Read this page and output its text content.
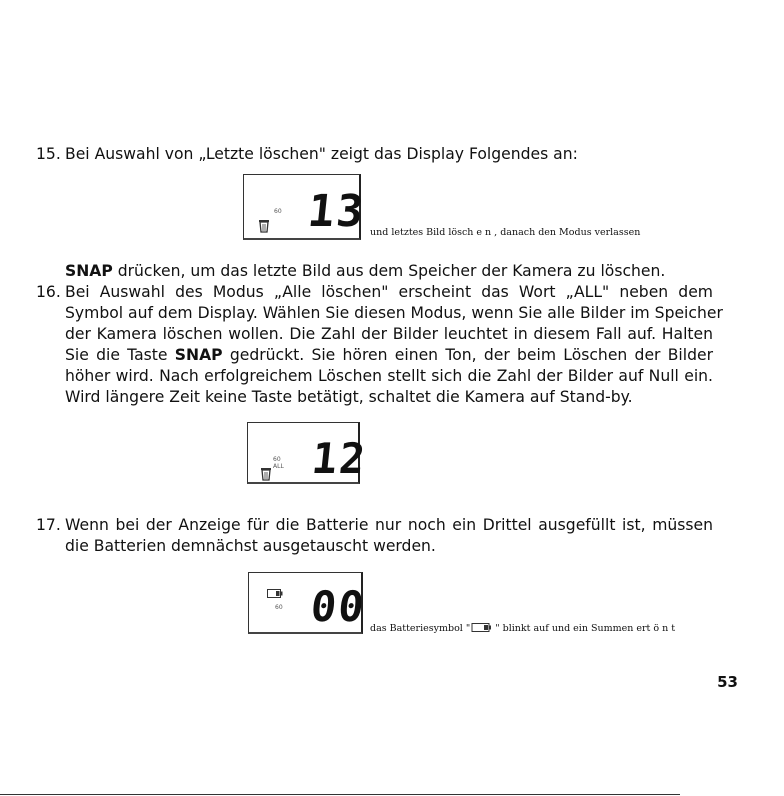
15. Bei Auswahl von „Letzte löschen" zeigt das Display Folgendes an:
60 13 und letztes Bild lösch e n , danach den Modus verlassen
SNAP drücken, um das letzte Bild aus dem Speicher der Kamera zu löschen.
16. Bei Auswahl des Modus „Alle löschen" erscheint das Wort „ALL" neben dem
Symbol auf dem Display. Wählen Sie diesen Modus, wenn Sie alle Bilder im Speicher
der Kamera löschen wollen. Die Zahl der Bilder leuchtet in diesem Fall auf. Halten
Sie die Taste SNAP gedrückt. Sie hören einen Ton, der beim Löschen der Bilder
höher wird. Nach erfolgreichem Löschen stellt sich die Zahl der Bilder auf Null ein.
Wird längere Zeit keine Taste betätigt, schaltet die Kamera auf Stand-by.
60
ALL 12
17. Wenn bei der Anzeige für die Batterie nur noch ein Drittel ausgefüllt ist, müssen
die Batterien demnächst ausgetauscht werden.
60 00 das Batteriesymbol " " blinkt auf und ein Summen ert ö n t
53
